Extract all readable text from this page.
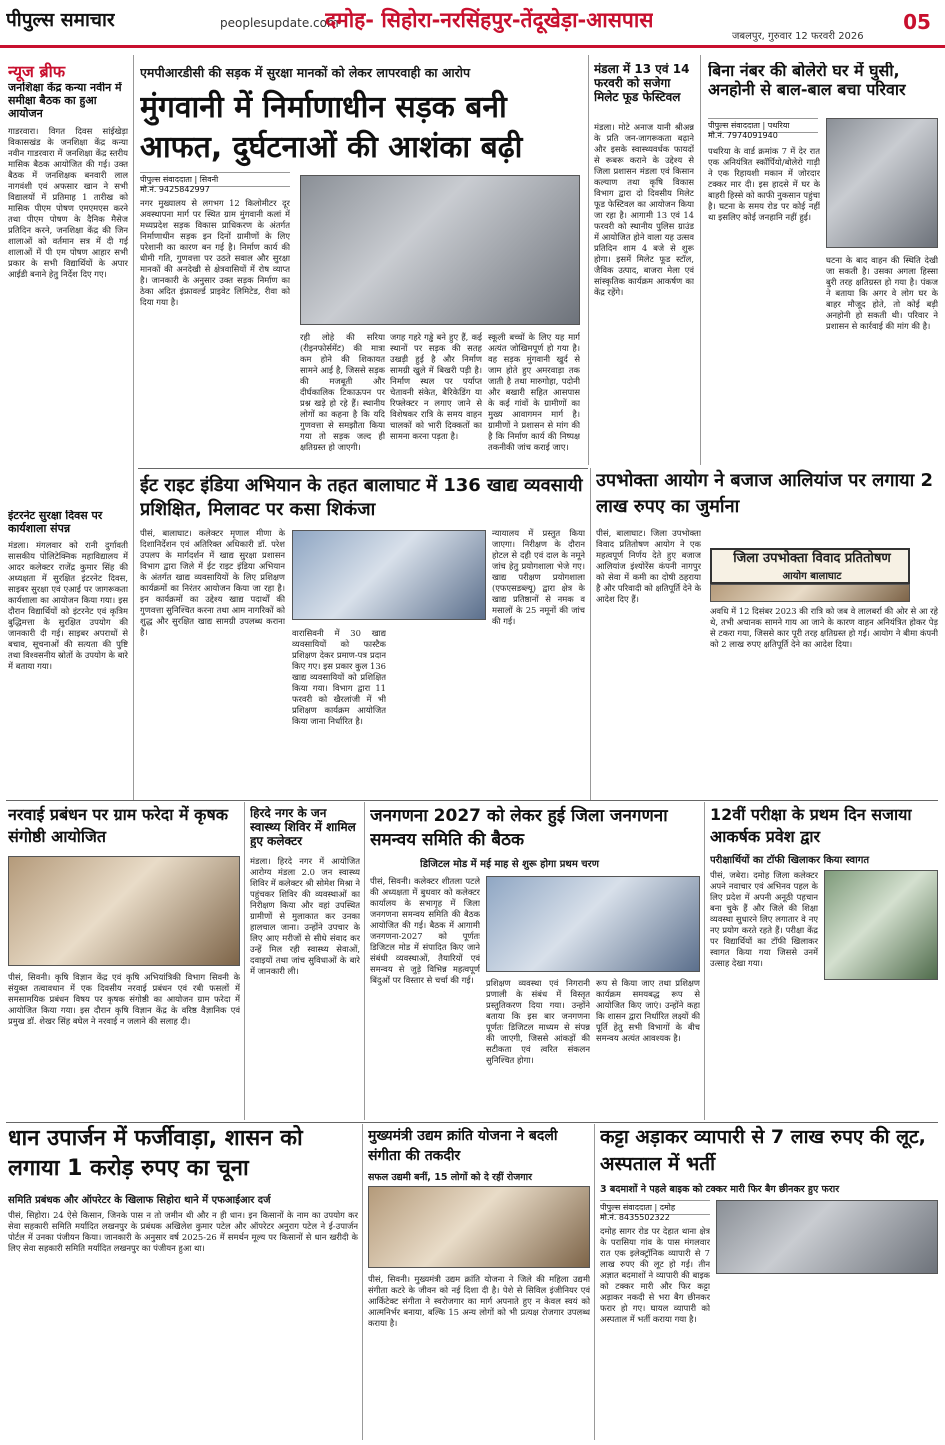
पीपुल्स समाचार	peoplesupdate.com
दमोह- सिहोरा-नरसिंहपुर-तेंदूखेड़ा-आसपास
जबलपुर, गुरुवार 12 फरवरी 2026
05
न्यूज ब्रीफ
जनशिक्षा केंद्र कन्या नवीन में समीक्षा बैठक का हुआ आयोजन
गाडरवारा। विगत दिवस सांईखेड़ा विकासखंड के जनशिक्षा केंद्र कन्या नवीन गाडरवारा में जनशिक्षा केंद्र स्तरीय मासिक बैठक आयोजित की गई। उक्त बैठक में जनशिक्षक बनवारी लाल नागवंशी एवं अफसार खान ने सभी विद्यालयों में प्रतिमाह 1 तारीख को मासिक पीएम पोषण एमएमएस करने तथा पीएम पोषण के दैनिक मैसेज प्रतिदिन करने, जनशिक्षा केंद्र की जिन शालाओं को वर्तमान सत्र में दी गई शालाओं में पी एम पोषण आहार सभी प्रकार के सभी विद्यार्थियों के अपार आईडी बनाने हेतु निर्देश दिए गए।
इंटरनेट सुरक्षा दिवस पर कार्यशाला संपन्न
मंडला। मंगलवार को रानी दुर्गावती सासकीय पोलिटेक्निक महाविद्यालय में आदर कलेक्टर राजेंद्र कुमार सिंह की अध्यक्षता में सुरक्षित इंटरनेट दिवस, साइबर सुरक्षा एवं एआई पर जागरूकता कार्यशाला का आयोजन किया गया। इस दौरान विद्यार्थियों को इंटरनेट एवं कृत्रिम बुद्धिमत्ता के सुरक्षित उपयोग की जानकारी दी गई। साइबर अपराधों से बचाव, सूचनाओं की सत्यता की पुष्टि तथा विश्वसनीय स्रोतों के उपयोग के बारे में बताया गया।
एमपीआरडीसी की सड़क में सुरक्षा मानकों को लेकर लापरवाही का आरोप
मुंगवानी में निर्माणाधीन सड़क बनी आफत, दुर्घटनाओं की आशंका बढ़ी
पीपुल्स संवाददाता | सिवनी
मो.नं. 9425842997
नगर मुख्यालय से लगभग 12 किलोमीटर दूर अवस्थापना मार्ग पर स्थित ग्राम मुंगवानी कलां में मध्यप्रदेश सड़क विकास प्राधिकरण के अंतर्गत निर्माणाधीन सड़क इन दिनों ग्रामीणों के लिए परेशानी का कारण बन गई है। निर्माण कार्य की धीमी गति, गुणवत्ता पर उठते सवाल और सुरक्षा मानकों की अनदेखी से क्षेत्रवासियों में रोष व्याप्त है। जानकारी के अनुसार उक्त सड़क निर्माण का ठेका अदित इंफ्रावर्ल्ड प्राइवेट लिमिटेड, रीवा को दिया गया है।
रही लोहे की सरिया (रीइनफोर्समेंट) की मात्रा कम होने की शिकायत सामने आई है, जिससे सड़क की मजबूती और दीर्घकालिक टिकाऊपन पर प्रश्न खड़े हो रहे हैं। स्थानीय लोगों का कहना है कि यदि गुणवत्ता से समझौता किया गया तो सड़क जल्द ही क्षतिग्रस्त हो जाएगी।
जगह गहरे गड्ढे बने हुए हैं, कई स्थानों पर सड़क की सतह उखड़ी हुई है और निर्माण सामग्री खुले में बिखरी पड़ी है। निर्माण स्थल पर पर्याप्त चेतावनी संकेत, बैरिकेडिंग या रिफ्लेक्टर न लगाए जाने से विशेषकर रात्रि के समय वाहन चालकों को भारी दिक्कतों का सामना करना पड़ता है।
स्कूली बच्चों के लिए यह मार्ग अत्यंत जोखिमपूर्ण हो गया है। वह सड़क मुंगवानी खुर्द से जाम होते हुए अमरवाड़ा तक जाती है तथा मारुगोहा, पदोनी और बखारी सहित आसपास के कई गांवों के ग्रामीणों का मुख्य आवागमन मार्ग है। ग्रामीणों ने प्रशासन से मांग की है कि निर्माण कार्य की निष्पक्ष तकनीकी जांच कराई जाए।
मंडला में 13 एवं 14 फरवरी को सजेगा मिलेट फूड फेस्टिवल
मंडला। मोटे अनाज यानी श्रीअन्न के प्रति जन-जागरूकता बढ़ाने और इसके स्वास्थ्यवर्धक फायदों से रूबरू कराने के उद्देश्य से जिला प्रशासन मंडला एवं किसान कल्याण तथा कृषि विकास विभाग द्वारा दो दिवसीय मिलेट फूड फेस्टिवल का आयोजन किया जा रहा है। आगामी 13 एवं 14 फरवरी को स्थानीय पुलिस ग्राउंड में आयोजित होने वाला यह उत्सव प्रतिदिन शाम 4 बजे से शुरू होगा। इसमें मिलेट फूड स्टॉल, जैविक उत्पाद, बाजरा मेला एवं सांस्कृतिक कार्यक्रम आकर्षण का केंद्र रहेंगे।
बिना नंबर की बोलेरो घर में घुसी, अनहोनी से बाल-बाल बचा परिवार
पीपुल्स संवाददाता | पथरिया
मो.नं. 7974091940
पथरिया के वार्ड क्रमांक 7 में देर रात एक अनियंत्रित स्कॉर्पियो/बोलेरो गाड़ी ने एक रिहायशी मकान में जोरदार टक्कर मार दी। इस हादसे में घर के बाहरी हिस्से को काफी नुकसान पहुंचा है। घटना के समय रोड पर कोई नहीं था इसलिए कोई जनहानि नहीं हुई।
घटना के बाद वाहन की स्थिति देखी जा सकती है। उसका अगला हिस्सा बुरी तरह क्षतिग्रस्त हो गया है। पंकज ने बताया कि अगर वे लोग घर के बाहर मौजूद होते, तो कोई बड़ी अनहोनी हो सकती थी। परिवार ने प्रशासन से कार्रवाई की मांग की है।
ईट राइट इंडिया अभियान के तहत बालाघाट में 136 खाद्य व्यवसायी प्रशिक्षित, मिलावट पर कसा शिकंजा
पीसं, बालाघाट। कलेक्टर मृणाल मीणा के दिशानिर्देशन एवं अतिरिक्त अधिकारी डॉ. परेश उपलप के मार्गदर्शन में खाद्य सुरक्षा प्रशासन विभाग द्वारा जिले में ईट राइट इंडिया अभियान के अंतर्गत खाद्य व्यवसायियों के लिए प्रशिक्षण कार्यक्रमों का निरंतर आयोजन किया जा रहा है। इन कार्यक्रमों का उद्देश्य खाद्य पदार्थों की गुणवत्ता सुनिश्चित करना तथा आम नागरिकों को शुद्ध और सुरक्षित खाद्य सामग्री उपलब्ध कराना है।	वारासिवनी में 30 खाद्य व्यवसायियों को फास्टैक प्रशिक्षण देकर प्रमाण-पत्र प्रदान किए गए। इस प्रकार कुल 136 खाद्य व्यवसायियों को प्रशिक्षित किया गया। विभाग द्वारा 11 फरवरी को खैरलांजी में भी प्रशिक्षण कार्यक्रम आयोजित किया जाना निर्धारित है।
न्यायालय में प्रस्तुत किया जाएगा। निरीक्षण के दौरान होटल से दही एवं दाल के नमूने जांच हेतु प्रयोगशाला भेजे गए। खाद्य परीक्षण प्रयोगशाला (एफएसडब्ल्यू) द्वारा क्षेत्र के खाद्य प्रतिष्ठानों से नमक व मसालों के 25 नमूनों की जांच की गई।
उपभोक्ता आयोग ने बजाज आलियांज पर लगाया 2 लाख रुपए का जुर्माना
पीसं, बालाघाट। जिला उपभोक्ता विवाद प्रतितोषण आयोग ने एक महत्वपूर्ण निर्णय देते हुए बजाज आलियांज इंश्योरेंस कंपनी नागपुर को सेवा में कमी का दोषी ठहराया है और परिवादी को क्षतिपूर्ति देने के आदेश दिए हैं।
जिला उपभोक्ता विवाद प्रतितोषण
आयोग बालाघाट
अवधि में 12 दिसंबर 2023 की रात्रि को जब वे लालबर्रा की ओर से आ रहे थे, तभी अचानक सामने गाय आ जाने के कारण वाहन अनियंत्रित होकर पेड़ से टकरा गया, जिससे कार पूरी तरह क्षतिग्रस्त हो गई। आयोग ने बीमा कंपनी को 2 लाख रुपए क्षतिपूर्ति देने का आदेश दिया।
नरवाई प्रबंधन पर ग्राम फरेदा में कृषक संगोष्ठी आयोजित
पीसं, सिवनी। कृषि विज्ञान केंद्र एवं कृषि अभियांत्रिकी विभाग सिवनी के संयुक्त तत्वावधान में एक दिवसीय नरवाई प्रबंधन एवं रबी फसलों में समसामयिक प्रबंधन विषय पर कृषक संगोष्ठी का आयोजन ग्राम फरेदा में आयोजित किया गया। इस दौरान कृषि विज्ञान केंद्र के वरिष्ठ वैज्ञानिक एवं प्रमुख डॉ. शेखर सिंह बघेल ने नरवाई न जलाने की सलाह दी।
हिरदे नगर के जन स्वास्थ्य शिविर में शामिल हुए कलेक्टर
मंडला। हिरदे नगर में आयोजित आरोग्य मंडला 2.0 जन स्वास्थ्य शिविर में कलेक्टर श्री सोमेश मिश्रा ने पहुंचकर शिविर की व्यवस्थाओं का निरीक्षण किया और वहां उपस्थित ग्रामीणों से मुलाकात कर उनका हालचाल जाना। उन्होंने उपचार के लिए आए मरीजों से सीधे संवाद कर उन्हें मिल रही स्वास्थ्य सेवाओं, दवाइयों तथा जांच सुविधाओं के बारे में जानकारी ली।
जनगणना 2027 को लेकर हुई जिला जनगणना समन्वय समिति की बैठक
डिजिटल मोड में मई माह से शुरू होगा प्रथम चरण
पीसं, सिवनी। कलेक्टर शीतला पटले की अध्यक्षता में बुधवार को कलेक्टर कार्यालय के सभागृह में जिला जनगणना समन्वय समिति की बैठक आयोजित की गई। बैठक में आगामी जनगणना-2027 को पूर्णतः डिजिटल मोड में संपादित किए जाने संबंधी व्यवस्थाओं, तैयारियों एवं समन्वय से जुड़े विभिन्न महत्वपूर्ण बिंदुओं पर विस्तार से चर्चा की गई।	प्रशिक्षण व्यवस्था एवं निगरानी प्रणाली के संबंध में विस्तृत प्रस्तुतिकरण दिया गया। उन्होंने बताया कि इस बार जनगणना पूर्णतः डिजिटल माध्यम से संपन्न की जाएगी, जिससे आंकड़ों की सटीकता एवं त्वरित संकलन सुनिश्चित होगा।
रूप से किया जाए तथा प्रशिक्षण कार्यक्रम समयबद्ध रूप से आयोजित किए जाएं। उन्होंने कहा कि शासन द्वारा निर्धारित लक्ष्यों की पूर्ति हेतु सभी विभागों के बीच समन्वय अत्यंत आवश्यक है।
12वीं परीक्षा के प्रथम दिन सजाया आकर्षक प्रवेश द्वार
परीक्षार्थियों का टॉफी खिलाकर किया स्वागत
पीसं, जबेरा। दमोह जिला कलेक्टर अपने नवाचार एवं अभिनव पहल के लिए प्रदेश में अपनी अनूठी पहचान बना चुके हैं और जिले की शिक्षा व्यवस्था सुधारने लिए लगातार वे नए नए प्रयोग करते रहते हैं। परीक्षा केंद्र पर विद्यार्थियों का टॉफी खिलाकर स्वागत किया गया जिससे उनमें उत्साह देखा गया।
धान उपार्जन में फर्जीवाड़ा, शासन को लगाया 1 करोड़ रुपए का चूना
समिति प्रबंधक और ऑपरेटर के खिलाफ सिहोरा थाने में एफआईआर दर्ज
पीसं, सिहोरा। 24 ऐसे किसान, जिनके पास न तो जमीन थी और न ही धान। इन किसानों के नाम का उपयोग कर सेवा सहकारी समिति मर्यादित लखनपुर के प्रबंधक अखिलेश कुमार पटेल और ऑपरेटर अनुराग पटेल ने ई-उपार्जन पोर्टल में उनका पंजीयन किया। जानकारी के अनुसार वर्ष 2025-26 में समर्थन मूल्य पर किसानों से धान खरीदी के लिए सेवा सहकारी समिति मर्यादित लखनपुर का पंजीयन हुआ था।
मुख्यमंत्री उद्यम क्रांति योजना ने बदली संगीता की तकदीर
सफल उद्यमी बनीं, 15 लोगों को दे रहीं रोजगार
पीसं, सिवनी। मुख्यमंत्री उद्यम क्रांति योजना ने जिले की महिला उद्यमी संगीता कटरे के जीवन को नई दिशा दी है। पेशे से सिविल इंजीनियर एवं आर्किटेक्ट संगीता ने स्वरोजगार का मार्ग अपनाते हुए न केवल स्वयं को आत्मनिर्भर बनाया, बल्कि 15 अन्य लोगों को भी प्रत्यक्ष रोजगार उपलब्ध कराया है।
कट्टा अड़ाकर व्यापारी से 7 लाख रुपए की लूट, अस्पताल में भर्ती
3 बदमाशों ने पहले बाइक को टक्कर मारी फिर बैग छीनकर हुए फरार
पीपुल्स संवाददाता | दमोह
मो.नं. 8435502322
दमोह सागर रोड पर देहात थाना क्षेत्र के परासिया गांव के पास मंगलवार रात एक इलेक्ट्रॉनिक व्यापारी से 7 लाख रुपए की लूट हो गई। तीन अज्ञात बदमाशों ने व्यापारी की बाइक को टक्कर मारी और फिर कट्टा अड़ाकर नकदी से भरा बैग छीनकर फरार हो गए। घायल व्यापारी को अस्पताल में भर्ती कराया गया है।
